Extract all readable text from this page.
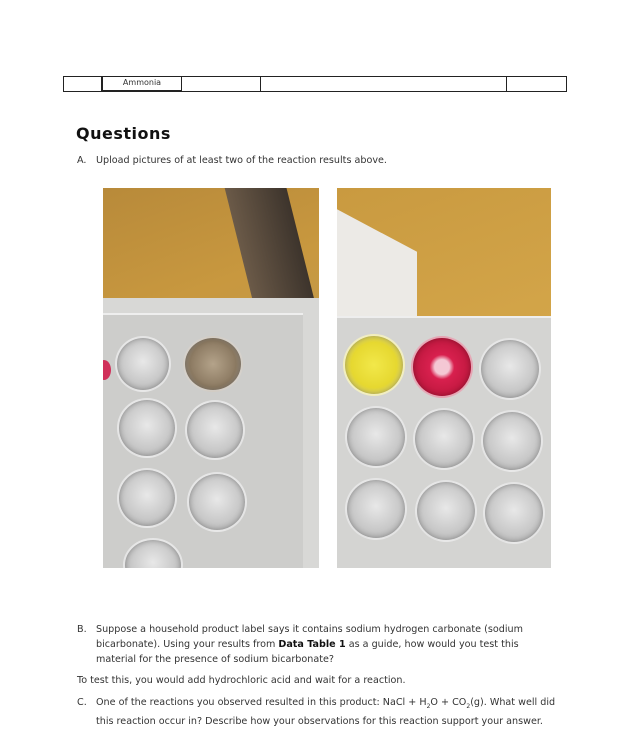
Ammonia
Questions
A. Upload pictures of at least two of the reaction results above.
B. Suppose a household product label says it contains sodium hydrogen carbonate (sodium bicarbonate). Using your results from Data Table 1 as a guide, how would you test this material for the presence of sodium bicarbonate?
To test this, you would add hydrochloric acid and wait for a reaction.
C. One of the reactions you observed resulted in this product: NaCl + $H_2O + CO_2(g)$. What well did this reaction occur in? Describe how your observations for this reaction support your answer.
